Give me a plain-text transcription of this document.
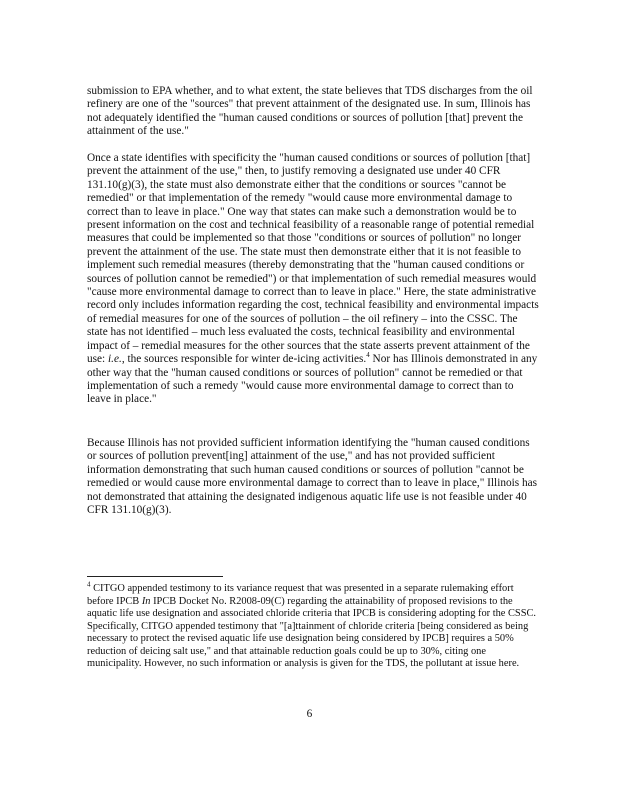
submission to EPA whether, and to what extent, the state believes that TDS discharges from the oil refinery are one of the "sources" that prevent attainment of the designated use. In sum, Illinois has not adequately identified the "human caused conditions or sources of pollution [that] prevent the attainment of the use."

Once a state identifies with specificity the "human caused conditions or sources of pollution [that] prevent the attainment of the use," then, to justify removing a designated use under 40 CFR 131.10(g)(3), the state must also demonstrate either that the conditions or sources "cannot be remedied" or that implementation of the remedy "would cause more environmental damage to correct than to leave in place." One way that states can make such a demonstration would be to present information on the cost and technical feasibility of a reasonable range of potential remedial measures that could be implemented so that those "conditions or sources of pollution" no longer prevent the attainment of the use. The state must then demonstrate either that it is not feasible to implement such remedial measures (thereby demonstrating that the "human caused conditions or sources of pollution cannot be remedied") or that implementation of such remedial measures would "cause more environmental damage to correct than to leave in place." Here, the state administrative record only includes information regarding the cost, technical feasibility and environmental impacts of remedial measures for one of the sources of pollution – the oil refinery – into the CSSC. The state has not identified – much less evaluated the costs, technical feasibility and environmental impact of – remedial measures for the other sources that the state asserts prevent attainment of the use: i.e., the sources responsible for winter de-icing activities.$^4$ Nor has Illinois demonstrated in any other way that the "human caused conditions or sources of pollution" cannot be remedied or that implementation of such a remedy "would cause more environmental damage to correct than to leave in place."

Because Illinois has not provided sufficient information identifying the "human caused conditions or sources of pollution prevent[ing] attainment of the use," and has not provided sufficient information demonstrating that such human caused conditions or sources of pollution "cannot be remedied or would cause more environmental damage to correct than to leave in place," Illinois has not demonstrated that attaining the designated indigenous aquatic life use is not feasible under 40 CFR 131.10(g)(3).

$^4$ CITGO appended testimony to its variance request that was presented in a separate rulemaking effort before IPCB In IPCB Docket No. R2008-09(C) regarding the attainability of proposed revisions to the aquatic life use designation and associated chloride criteria that IPCB is considering adopting for the CSSC. Specifically, CITGO appended testimony that "[a]ttainment of chloride criteria [being considered as being necessary to protect the revised aquatic life use designation being considered by IPCB] requires a 50% reduction of deicing salt use," and that attainable reduction goals could be up to 30%, citing one municipality. However, no such information or analysis is given for the TDS, the pollutant at issue here.

6
